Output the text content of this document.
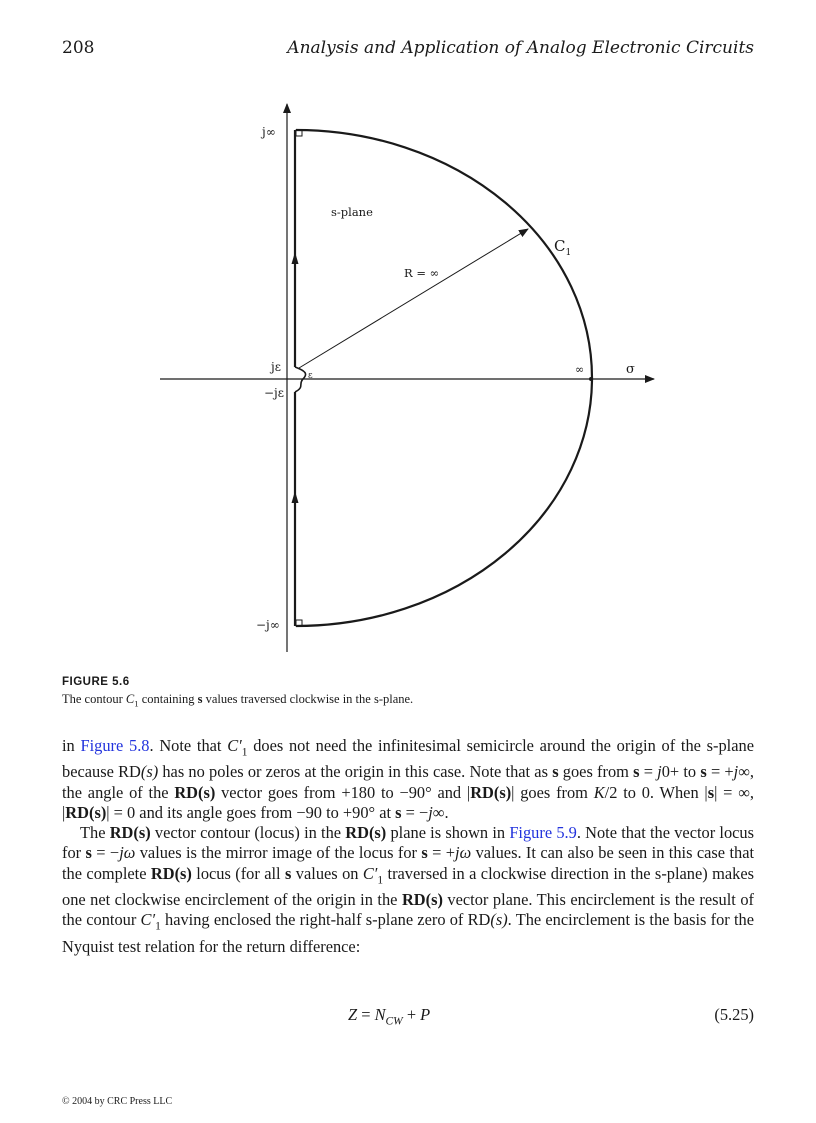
208	Analysis and Application of Analog Electronic Circuits
j∞
−j∞
jε
−jε
ε
s-plane
R = ∞
$C_1$
∞	σ
FIGURE 5.6
The contour $C_1$ containing s values traversed clockwise in the s-plane.

in Figure 5.8. Note that $C'_1$ does not need the infinitesimal semicircle around the origin of the s-plane because RD(s) has no poles or zeros at the origin in this case. Note that as s goes from s = j0+ to s = +j∞, the angle of the RD(s) vector goes from +180 to −90° and |RD(s)| goes from K/2 to 0. When |s| = ∞, |RD(s)| = 0 and its angle goes from −90 to +90° at s = −j∞.

The RD(s) vector contour (locus) in the RD(s) plane is shown in Figure 5.9. Note that the vector locus for s = −jω values is the mirror image of the locus for s = +jω values. It can also be seen in this case that the complete RD(s) locus (for all s values on $C'_1$ traversed in a clockwise direction in the s-plane) makes one net clockwise encirclement of the origin in the RD(s) vector plane. This encirclement is the result of the contour $C'_1$ having enclosed the right-half s-plane zero of RD(s). The encirclement is the basis for the Nyquist test relation for the return difference:

$Z = N_{CW} + P$	(5.25)
© 2004 by CRC Press LLC
